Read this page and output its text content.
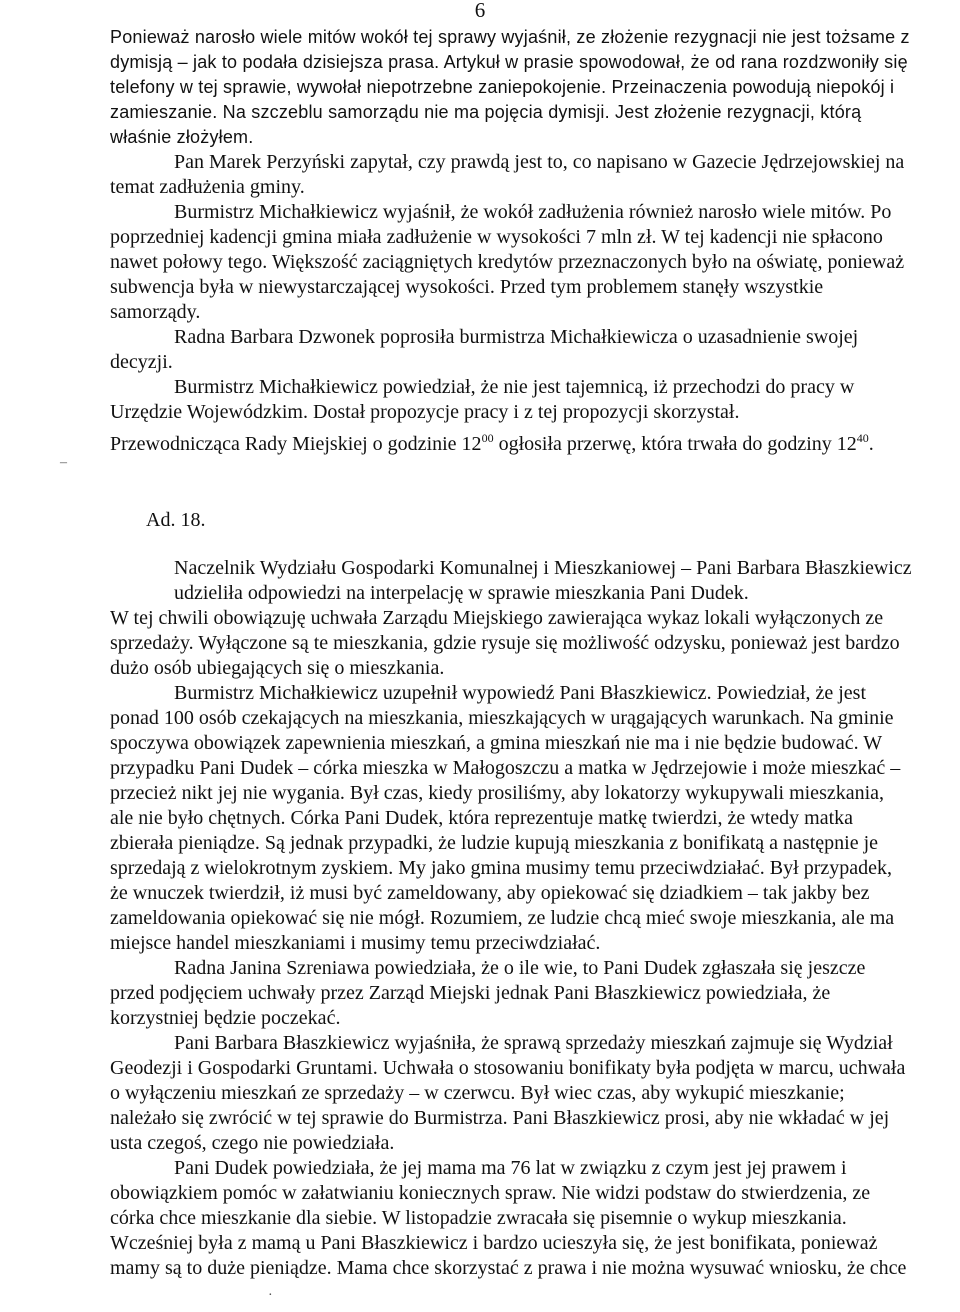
6
Ponieważ narosło wiele mitów wokół tej sprawy wyjaśnił, ze złożenie rezygnacji nie jest tożsame z
dymisją – jak to podała dzisiejsza prasa. Artykuł w prasie spowodował, że od rana rozdzwoniły się
telefony w tej sprawie, wywołał niepotrzebne zaniepokojenie. Przeinaczenia powodują niepokój i
zamieszanie. Na szczeblu samorządu nie ma pojęcia dymisji. Jest złożenie rezygnacji, którą
właśnie złożyłem.
Pan Marek Perzyński zapytał, czy prawdą jest to, co napisano w Gazecie Jędrzejowskiej na
temat zadłużenia gminy.
Burmistrz Michałkiewicz wyjaśnił, że wokół zadłużenia również narosło wiele mitów. Po
poprzedniej kadencji gmina miała zadłużenie w wysokości 7 mln zł. W tej kadencji nie spłacono
nawet połowy tego. Większość zaciągniętych kredytów przeznaczonych było na oświatę, ponieważ
subwencja była w niewystarczającej wysokości. Przed tym problemem stanęły wszystkie
samorządy.
Radna Barbara Dzwonek poprosiła burmistrza Michałkiewicza o uzasadnienie swojej
decyzji.
Burmistrz Michałkiewicz powiedział, że nie jest tajemnicą, iż przechodzi do pracy w
Urzędzie Wojewódzkim. Dostał propozycje pracy i z tej propozycji skorzystał.
Przewodnicząca Rady Miejskiej o godzinie $12^{00}$ ogłosiła przerwę, która trwała do godziny $12^{40}$.
–
Ad. 18.
Naczelnik Wydziału Gospodarki Komunalnej i Mieszkaniowej – Pani Barbara Błaszkiewicz
udzieliła odpowiedzi na interpelację w sprawie mieszkania Pani Dudek.
W tej chwili obowiązuję uchwała Zarządu Miejskiego zawierająca wykaz lokali wyłączonych ze
sprzedaży. Wyłączone są te mieszkania, gdzie rysuje się możliwość odzysku, ponieważ jest bardzo
dużo osób ubiegających się o mieszkania.
Burmistrz Michałkiewicz uzupełnił wypowiedź Pani Błaszkiewicz. Powiedział, że jest
ponad 100 osób czekających na mieszkania, mieszkających w urągających warunkach. Na gminie
spoczywa obowiązek zapewnienia mieszkań, a gmina mieszkań nie ma i nie będzie budować. W
przypadku Pani Dudek – córka mieszka w Małogoszczu a matka w Jędrzejowie i może mieszkać –
przecież nikt jej nie wygania. Był czas, kiedy prosiliśmy, aby lokatorzy wykupywali mieszkania,
ale nie było chętnych. Córka Pani Dudek, która reprezentuje matkę twierdzi, że wtedy matka
zbierała pieniądze. Są jednak przypadki, że ludzie kupują mieszkania z bonifikatą a następnie je
sprzedają z wielokrotnym zyskiem. My jako gmina musimy temu przeciwdziałać. Był przypadek,
że wnuczek twierdził, iż musi być zameldowany, aby opiekować się dziadkiem – tak jakby bez
zameldowania opiekować się nie mógł. Rozumiem, ze ludzie chcą mieć swoje mieszkania, ale ma
miejsce handel mieszkaniami i musimy temu przeciwdziałać.
Radna Janina Szreniawa powiedziała, że o ile wie, to Pani Dudek zgłaszała się jeszcze
przed podjęciem uchwały przez Zarząd Miejski jednak Pani Błaszkiewicz powiedziała, że
korzystniej będzie poczekać.
Pani Barbara Błaszkiewicz wyjaśniła, że sprawą sprzedaży mieszkań zajmuje się Wydział
Geodezji i Gospodarki Gruntami. Uchwała o stosowaniu bonifikaty była podjęta w marcu, uchwała
o wyłączeniu mieszkań ze sprzedaży – w czerwcu. Był wiec czas, aby wykupić mieszkanie;
należało się zwrócić w tej sprawie do Burmistrza. Pani Błaszkiewicz prosi, aby nie wkładać w jej
usta czegoś, czego nie powiedziała.
Pani Dudek powiedziała, że jej mama ma 76 lat w związku z czym jest jej prawem i
obowiązkiem pomóc w załatwianiu koniecznych spraw. Nie widzi podstaw do stwierdzenia, ze
córka chce mieszkanie dla siebie. W listopadzie zwracała się pisemnie o wykup mieszkania.
Wcześniej była z mamą u Pani Błaszkiewicz i bardzo ucieszyła się, że jest bonifikata, ponieważ
mamy są to duże pieniądze. Mama chce skorzystać z prawa i nie można wysuwać wniosku, że chce
·
